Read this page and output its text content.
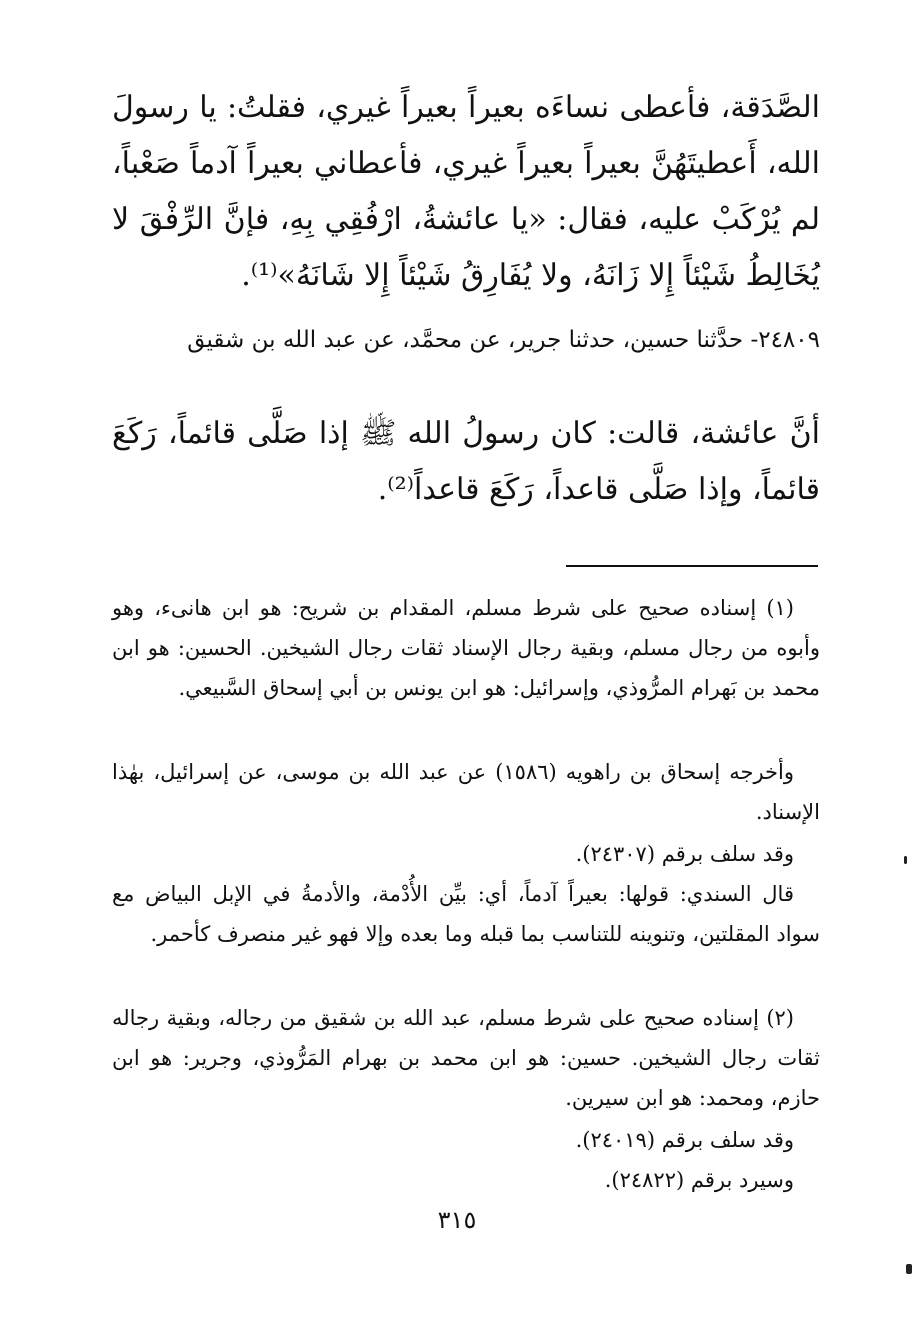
الصَّدَقة، فأعطى نساءَه بعيراً بعيراً غيري، فقلتُ: يا رسولَ الله، أَعطيتَهُنَّ بعيراً بعيراً غيري، فأعطاني بعيراً آدماً صَعْباً، لم يُرْكَبْ عليه، فقال: «يا عائشةُ، ارْفُقِي بِهِ، فإنَّ الرِّفْقَ لا يُخَالِطُ شَيْئاً إِلا زَانَهُ، ولا يُفَارِقُ شَيْئاً إِلا شَانَهُ»⁽¹⁾.

٢٤٨٠٩- حدَّثنا حسين، حدثنا جرير، عن محمَّد، عن عبد الله بن شقيق

أنَّ عائشة، قالت: كان رسولُ الله ﷺ إذا صَلَّى قائماً، رَكَعَ قائماً، وإذا صَلَّى قاعداً، رَكَعَ قاعداً⁽²⁾.

(١) إسناده صحيح على شرط مسلم، المقدام بن شريح: هو ابن هانىء، وهو وأبوه من رجال مسلم، وبقية رجال الإسناد ثقات رجال الشيخين. الحسين: هو ابن محمد بن بَهرام المرُّوذي، وإسرائيل: هو ابن يونس بن أبي إسحاق السَّبيعي.

وأخرجه إسحاق بن راهويه (١٥٨٦) عن عبد الله بن موسى، عن إسرائيل، بهٰذا الإسناد.

وقد سلف برقم (٢٤٣٠٧).

قال السندي: قولها: بعيراً آدماً، أي: بيِّن الأُدْمة، والأدمةُ في الإبل البياض مع سواد المقلتين، وتنوينه للتناسب بما قبله وما بعده وإلا فهو غير منصرف كأحمر.

(٢) إسناده صحيح على شرط مسلم، عبد الله بن شقيق من رجاله، وبقية رجاله ثقات رجال الشيخين. حسين: هو ابن محمد بن بهرام المَرُّوذي، وجرير: هو ابن حازم، ومحمد: هو ابن سيرين.

وقد سلف برقم (٢٤٠١٩).

وسيرد برقم (٢٤٨٢٢).

٣١٥
